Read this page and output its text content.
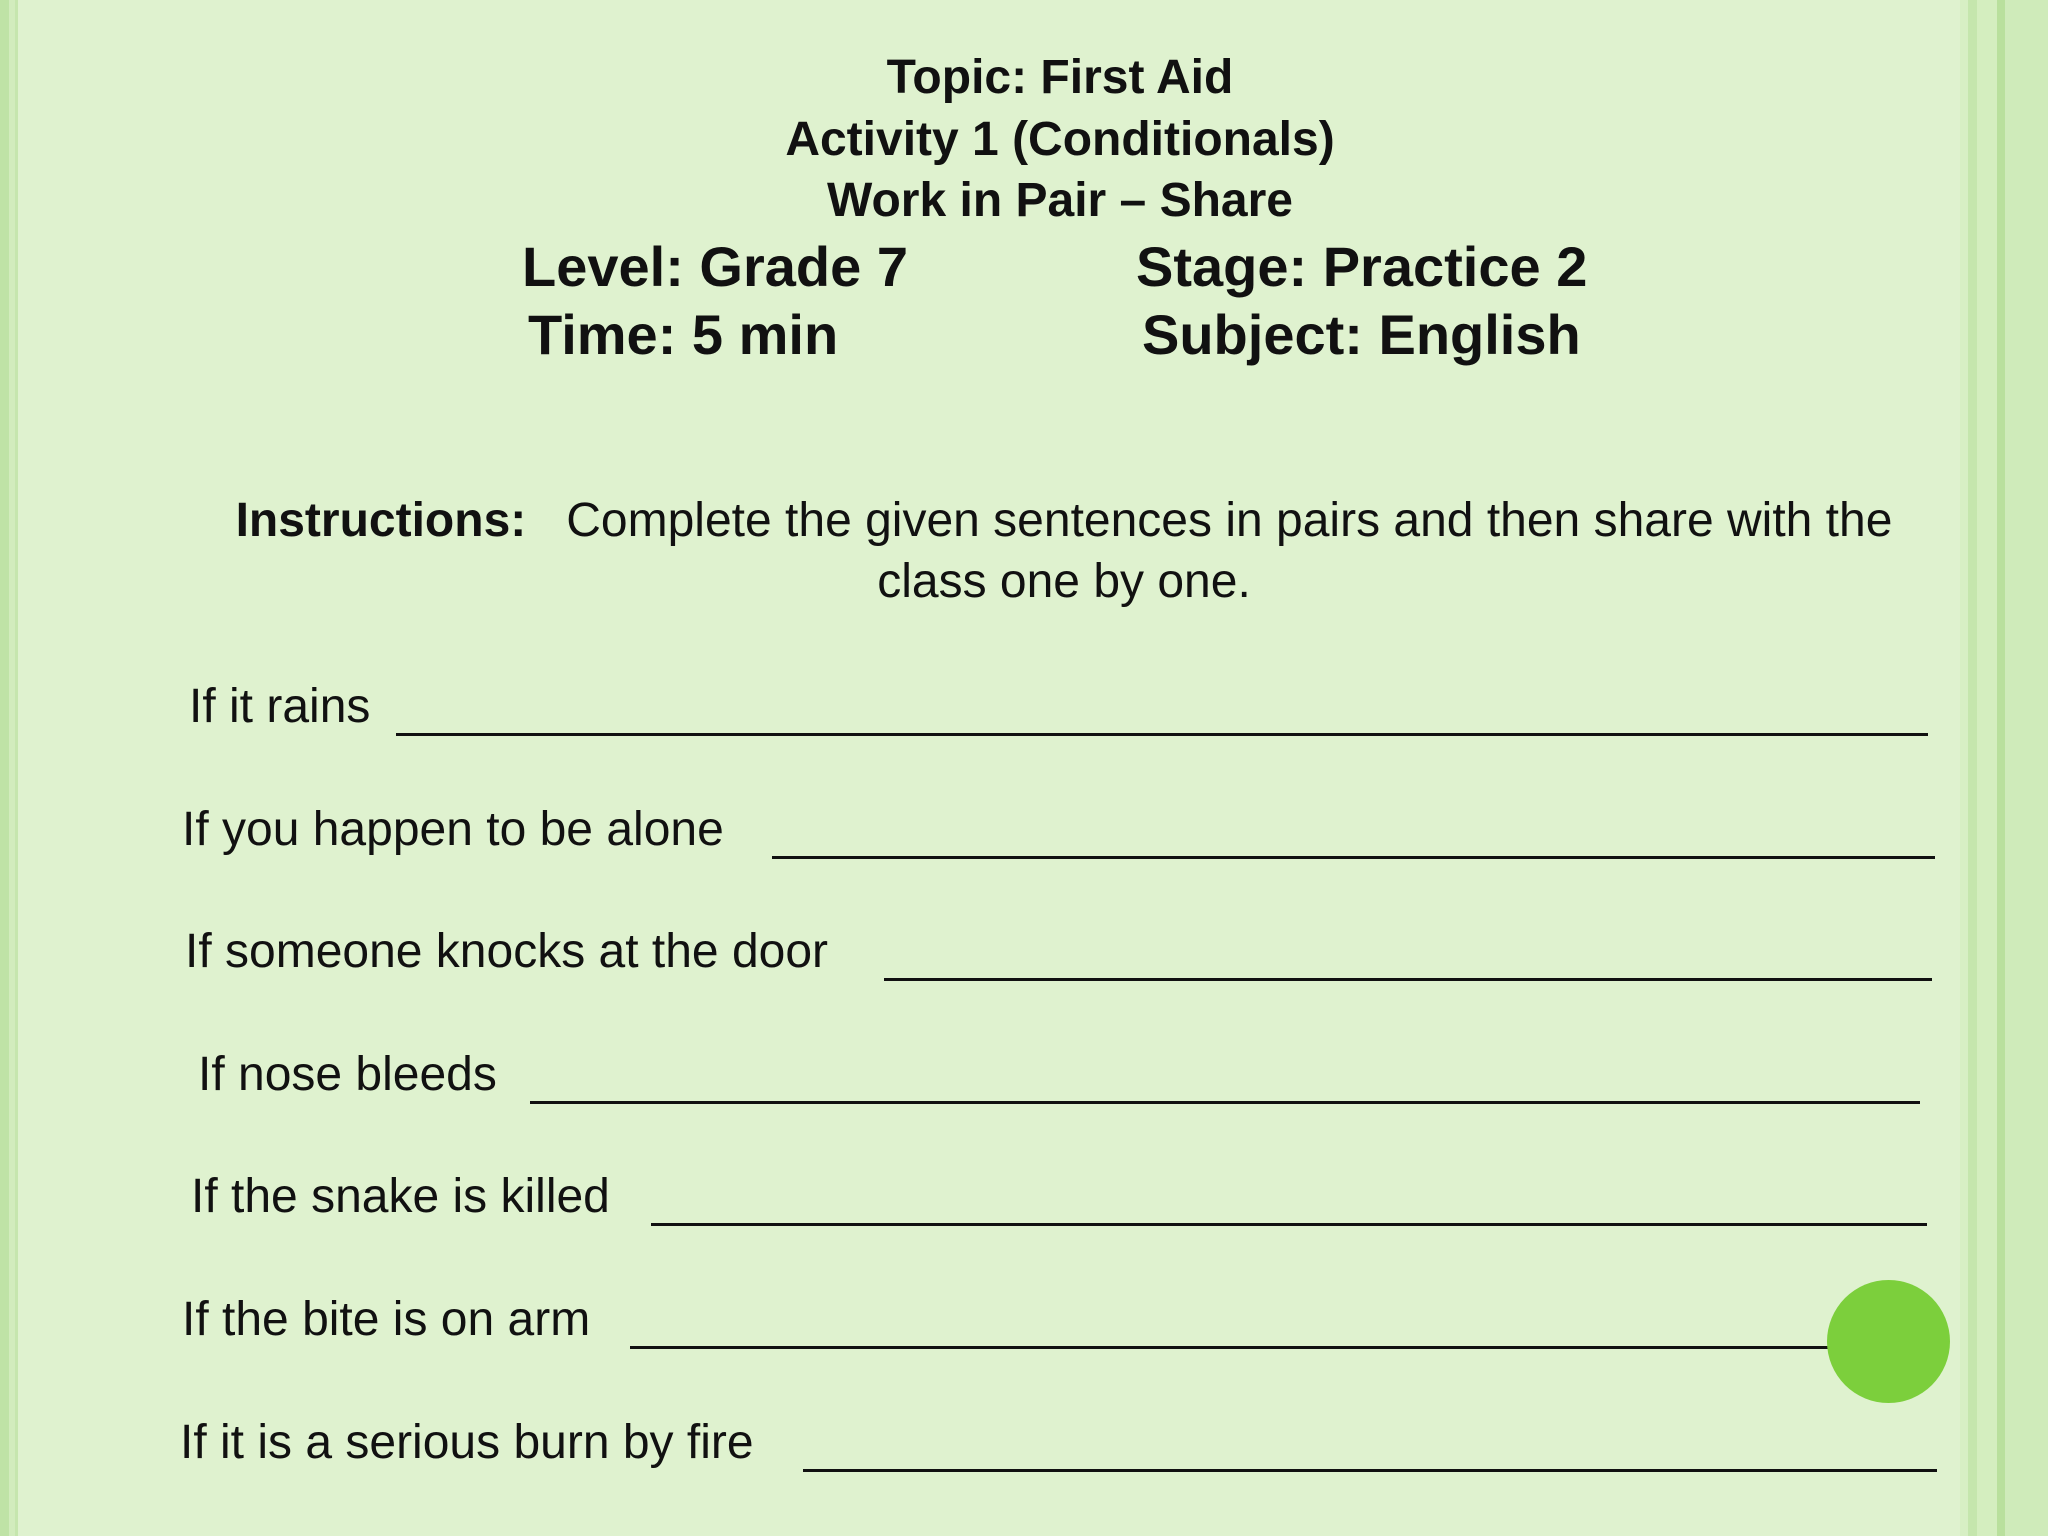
Topic: First Aid
Activity 1 (Conditionals)
Work in Pair – Share
Level: Grade 7	Stage: Practice 2
Time: 5 min	Subject: English
Instructions: Complete the given sentences in pairs and then share with the class one by one.
If it rains
If you happen to be alone
If someone knocks at the door
If nose bleeds
If the snake is killed
If the bite is on arm
If it is a serious burn by fire
